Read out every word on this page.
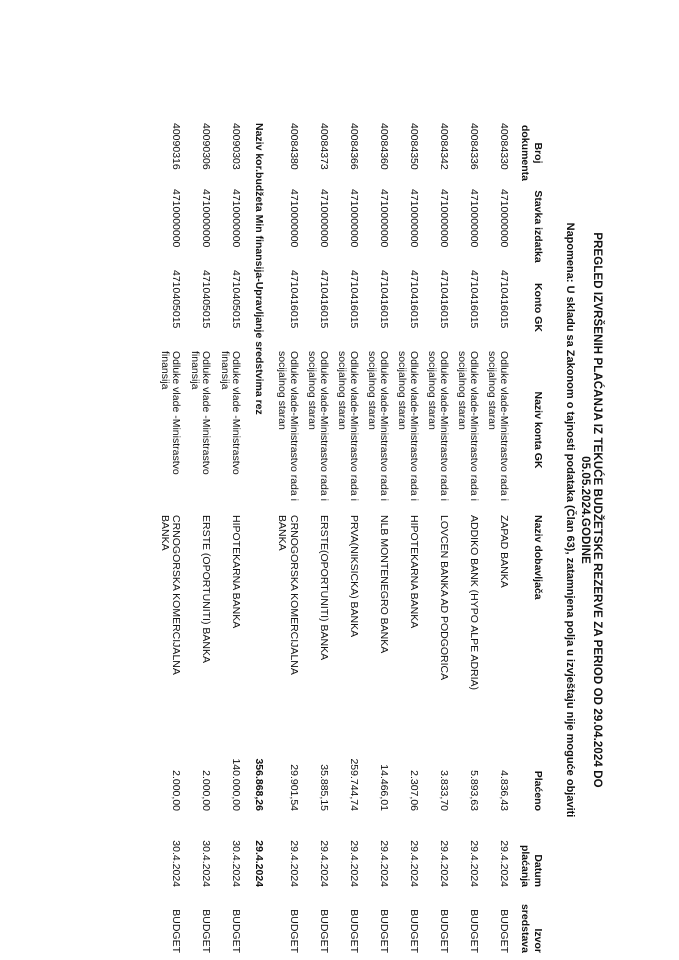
PREGLED IZVRŠENIH PLAĆANJA IZ TEKUĆE BUDŽETSKE REZERVE ZA PERIOD OD 29.04.2024 DO 05.05.2024.GODINE
Napomena: U skladu sa Zakonom o tajnosti podataka (Član 63), zatamnjena polja u izvještaju nije moguće objaviti
Broj dokumenta	Stavka izdatka	Konto GK	Naziv konta GK	Naziv dobavljača	Plaćeno	Datum plaćanja	Izvor sredstava
40084330	4710000000	4710416015	Odluke vlade-Ministrastvo rada i socijalnog staran	ZAPAD BANKA	4.836,43	29.4.2024	BUDGET
40084336	4710000000	4710416015	Odluke vlade-Ministrastvo rada i socijalnog staran	ADDIKO BANK (HYPO ALPE ADRIA)	5.893,63	29.4.2024	BUDGET
40084342	4710000000	4710416015	Odluke vlade-Ministrastvo rada i socijalnog staran	LOVCEN BANKA AD PODGORICA	3.833,70	29.4.2024	BUDGET
40084350	4710000000	4710416015	Odluke vlade-Ministrastvo rada i socijalnog staran	HIPOTEKARNA BANKA	2.307,06	29.4.2024	BUDGET
40084360	4710000000	4710416015	Odluke vlade-Ministrastvo rada i socijalnog staran	NLB MONTENEGRO BANKA	14.466,01	29.4.2024	BUDGET
40084366	4710000000	4710416015	Odluke vlade-Ministrastvo rada i socijalnog staran	PRVA(NIKSICKA) BANKA	259.744,74	29.4.2024	BUDGET
40084373	4710000000	4710416015	Odluke vlade-Ministrastvo rada i socijalnog staran	ERSTE(OPORTUNITI) BANKA	35.885,15	29.4.2024	BUDGET
40084380	4710000000	4710416015	Odluke vlade-Ministrastvo rada i socijalnog staran	CRNOGORSKA KOMERCIJALNA BANKA	29.901,54	29.4.2024	BUDGET
Naziv kor.budžeta Min finansija-Upravljanje sredstvima rez					356.868,26	29.4.2024	
40090303	4710000000	4710405015	Odluke vlade -Ministrastvo finansija	HIPOTEKARNA BANKA	140.000,00	30.4.2024	BUDGET
40090306	4710000000	4710405015	Odluke vlade -Ministrastvo finansija	ERSTE (OPORTUNITI) BANKA	2.000,00	30.4.2024	BUDGET
40090316	4710000000	4710405015	Odluke vlade -Ministrastvo finansija	CRNOGORSKA KOMERCIJALNA BANKA	2.000,00	30.4.2024	BUDGET
